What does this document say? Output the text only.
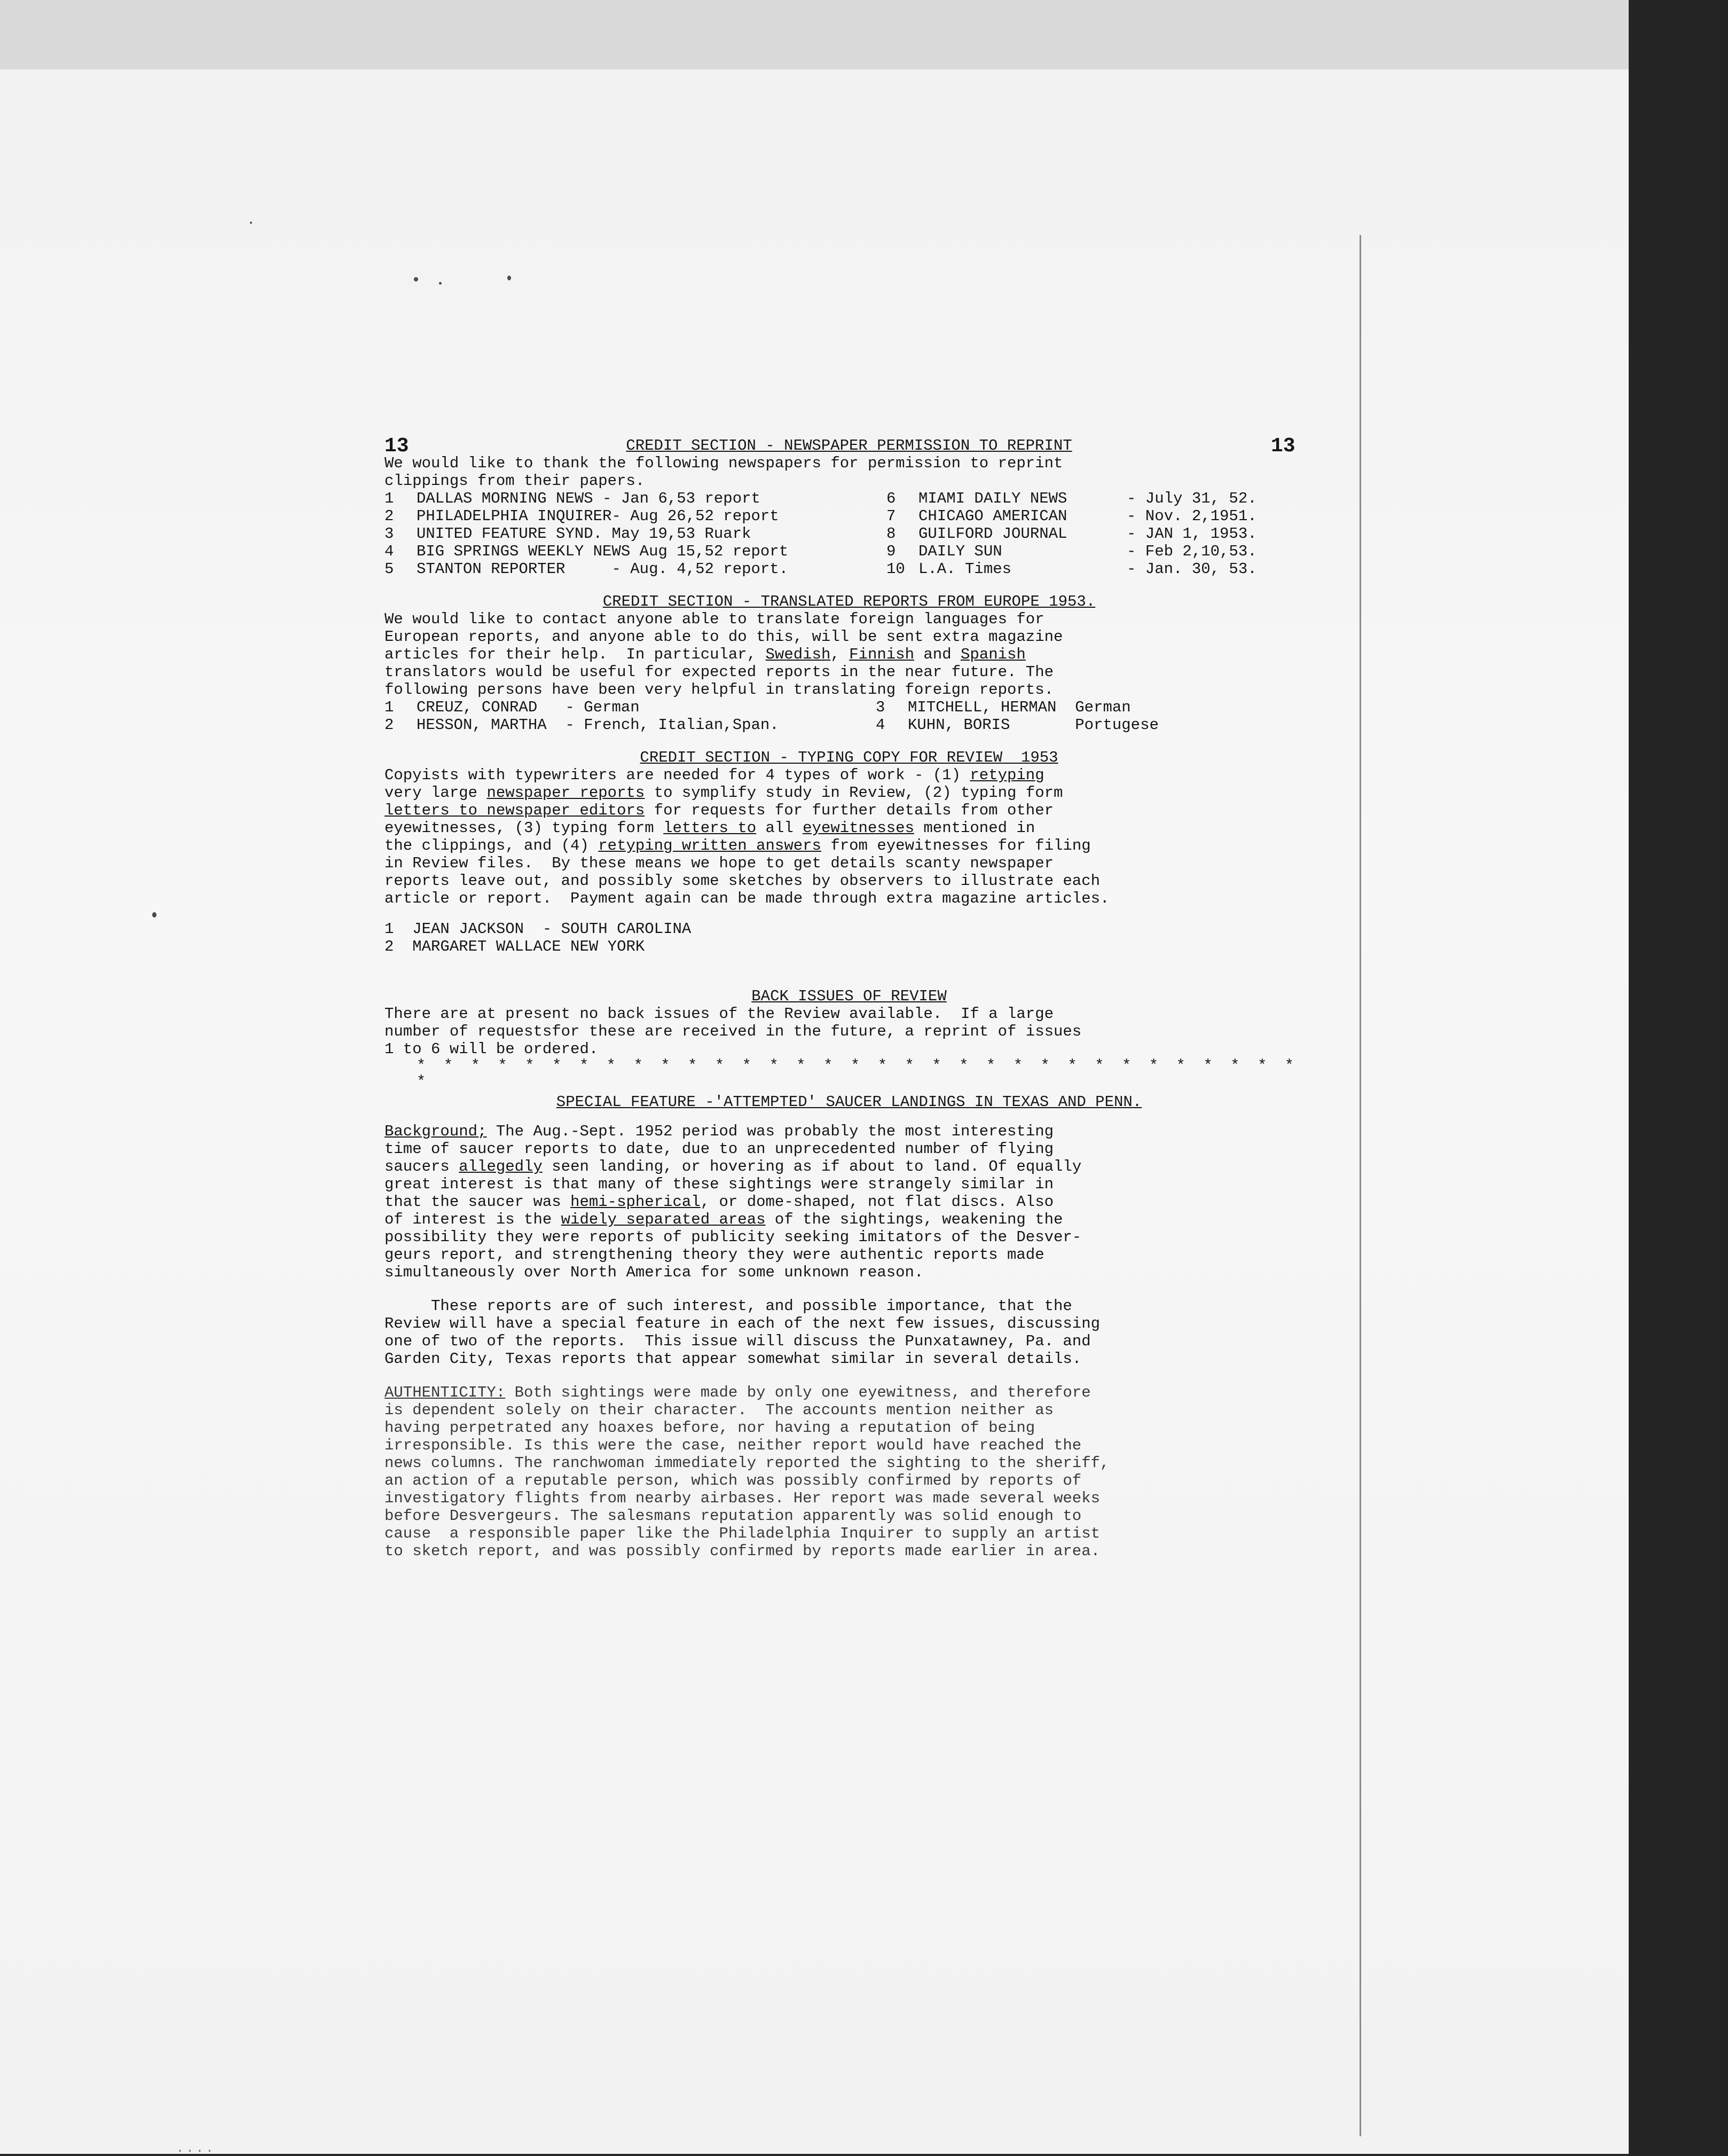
....
13	13

CREDIT SECTION - NEWSPAPER PERMISSION TO REPRINT

We would like to thank the following newspapers for permission to reprint
clippings from their papers.

1	DALLAS MORNING NEWS - Jan 6,53 report	6	MIAMI DAILY NEWS	- July 31, 52.
2	PHILADELPHIA INQUIRER- Aug 26,52 report	7	CHICAGO AMERICAN	- Nov. 2,1951.
3	UNITED FEATURE SYND. May 19,53 Ruark	8	GUILFORD JOURNAL	- JAN 1, 1953.
4	BIG SPRINGS WEEKLY NEWS Aug 15,52 report	9	DAILY SUN	- Feb 2,10,53.
5	STANTON REPORTER     - Aug. 4,52 report.	10	L.A. Times	- Jan. 30, 53.

CREDIT SECTION - TRANSLATED REPORTS FROM EUROPE 1953.

We would like to contact anyone able to translate foreign languages for
European reports, and anyone able to do this, will be sent extra magazine
articles for their help.  In particular, Swedish, Finnish and Spanish
translators would be useful for expected reports in the near future. The
following persons have been very helpful in translating foreign reports.

1	CREUZ, CONRAD   - German	3	MITCHELL, HERMAN  German
2	HESSON, MARTHA  - French, Italian,Span.	4	KUHN, BORIS       Portugese

CREDIT SECTION - TYPING COPY FOR REVIEW  1953

Copyists with typewriters are needed for 4 types of work - (1) retyping
very large newspaper reports to symplify study in Review, (2) typing form
letters to newspaper editors for requests for further details from other
eyewitnesses, (3) typing form letters to all eyewitnesses mentioned in
the clippings, and (4) retyping written answers from eyewitnesses for filing
in Review files.  By these means we hope to get details scanty newspaper
reports leave out, and possibly some sketches by observers to illustrate each
article or report.  Payment again can be made through extra magazine articles.

1  JEAN JACKSON  - SOUTH CAROLINA

2  MARGARET WALLACE NEW YORK

BACK ISSUES OF REVIEW

There are at present no back issues of the Review available.  If a large
number of requestsfor these are received in the future, a reprint of issues
1 to 6 will be ordered.

* * * * * * * * * * * * * * * * * * * * * * * * * * * * * * * * * *

SPECIAL FEATURE -'ATTEMPTED' SAUCER LANDINGS IN TEXAS AND PENN.

Background; The Aug.-Sept. 1952 period was probably the most interesting
time of saucer reports to date, due to an unprecedented number of flying
saucers allegedly seen landing, or hovering as if about to land. Of equally
great interest is that many of these sightings were strangely similar in
that the saucer was hemi-spherical, or dome-shaped, not flat discs. Also
of interest is the widely separated areas of the sightings, weakening the
possibility they were reports of publicity seeking imitators of the Desver-
geurs report, and strengthening theory they were authentic reports made
simultaneously over North America for some unknown reason.

These reports are of such interest, and possible importance, that the
Review will have a special feature in each of the next few issues, discussing
one of two of the reports.  This issue will discuss the Punxatawney, Pa. and
Garden City, Texas reports that appear somewhat similar in several details.

AUTHENTICITY: Both sightings were made by only one eyewitness, and therefore
is dependent solely on their character.  The accounts mention neither as
having perpetrated any hoaxes before, nor having a reputation of being
irresponsible. Is this were the case, neither report would have reached the
news columns. The ranchwoman immediately reported the sighting to the sheriff,
an action of a reputable person, which was possibly confirmed by reports of
investigatory flights from nearby airbases. Her report was made several weeks
before Desvergeurs. The salesmans reputation apparently was solid enough to
cause  a responsible paper like the Philadelphia Inquirer to supply an artist
to sketch report, and was possibly confirmed by reports made earlier in area.
